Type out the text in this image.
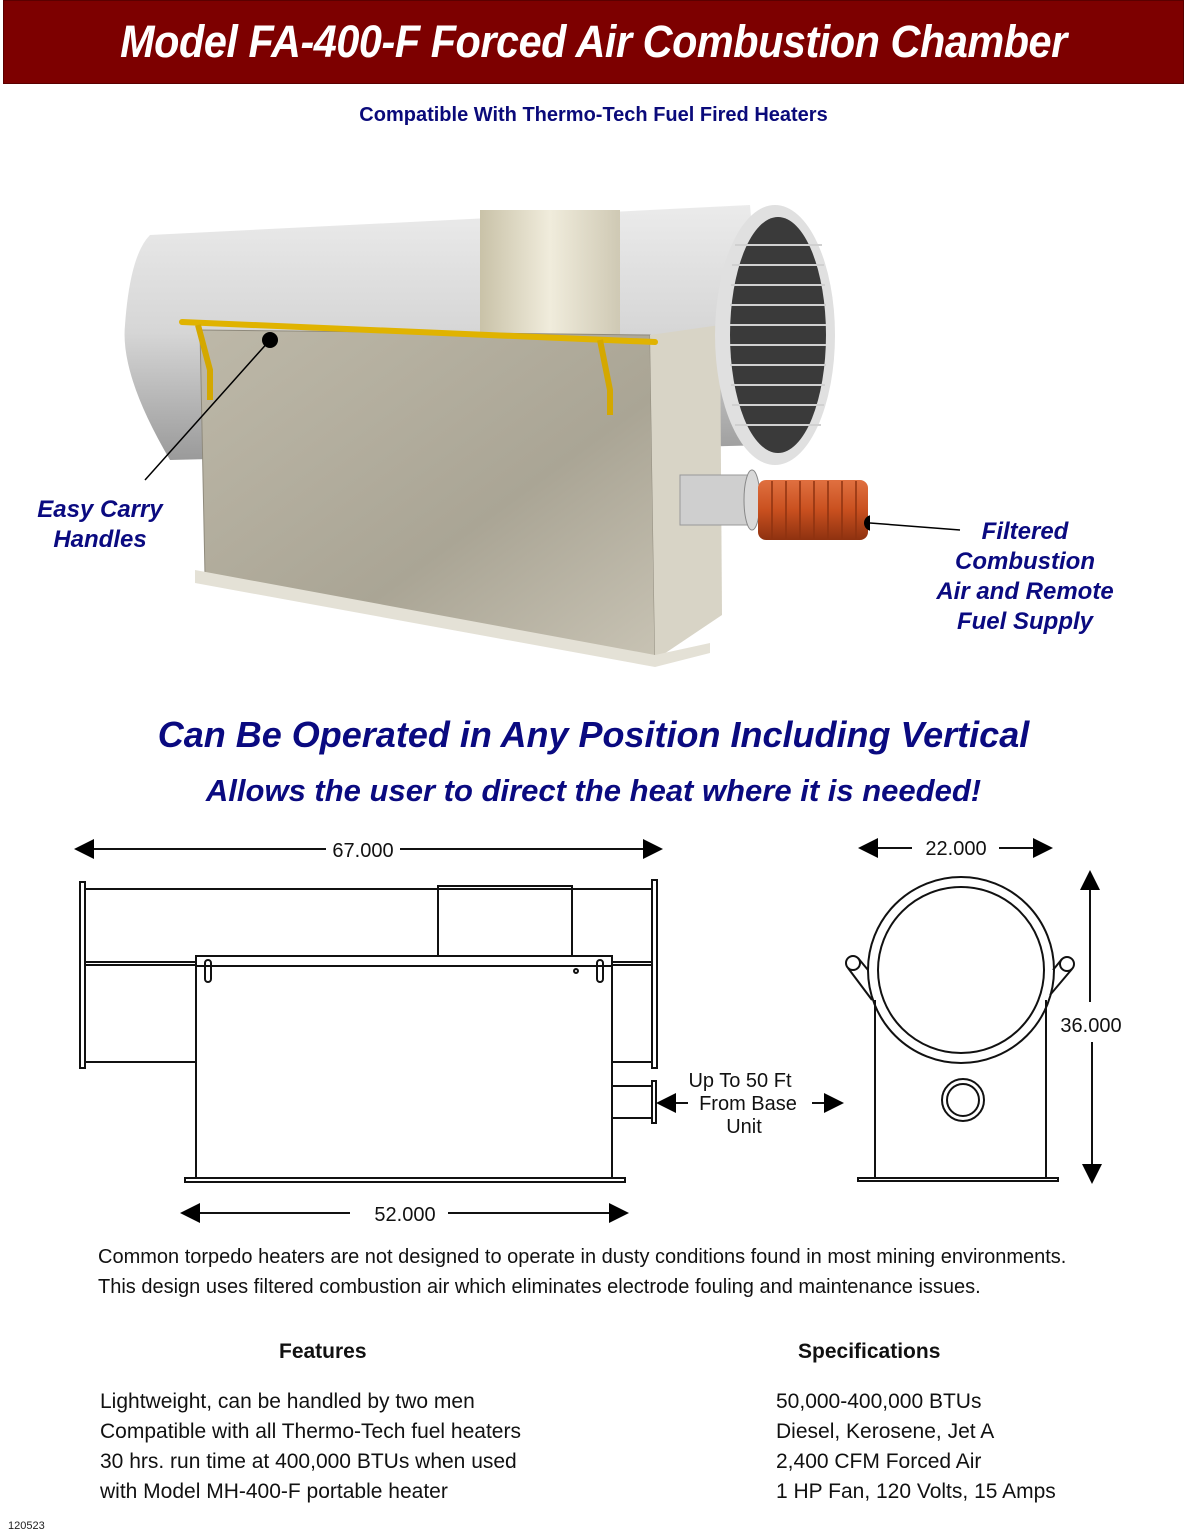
Model FA-400-F Forced Air Combustion Chamber
Compatible With Thermo-Tech Fuel Fired Heaters
Easy Carry
Handles	Filtered
Combustion
Air and Remote
Fuel Supply
Can Be Operated in Any Position Including Vertical
Allows the user to direct the heat where it is needed!
67.000
52.000
Up To 50 Ft
From Base
Unit
22.000
36.000

Common torpedo heaters are not designed to operate in dusty conditions found in most mining environments. This design uses filtered combustion air which eliminates electrode fouling and maintenance issues.

Features
Lightweight, can be handled by two men
Compatible with all Thermo-Tech fuel heaters
30 hrs. run time at 400,000 BTUs when used
with Model MH-400-F portable heater
Specifications
50,000-400,000 BTUs
Diesel, Kerosene, Jet A
2,400 CFM Forced Air
1 HP Fan, 120 Volts, 15 Amps
120523
